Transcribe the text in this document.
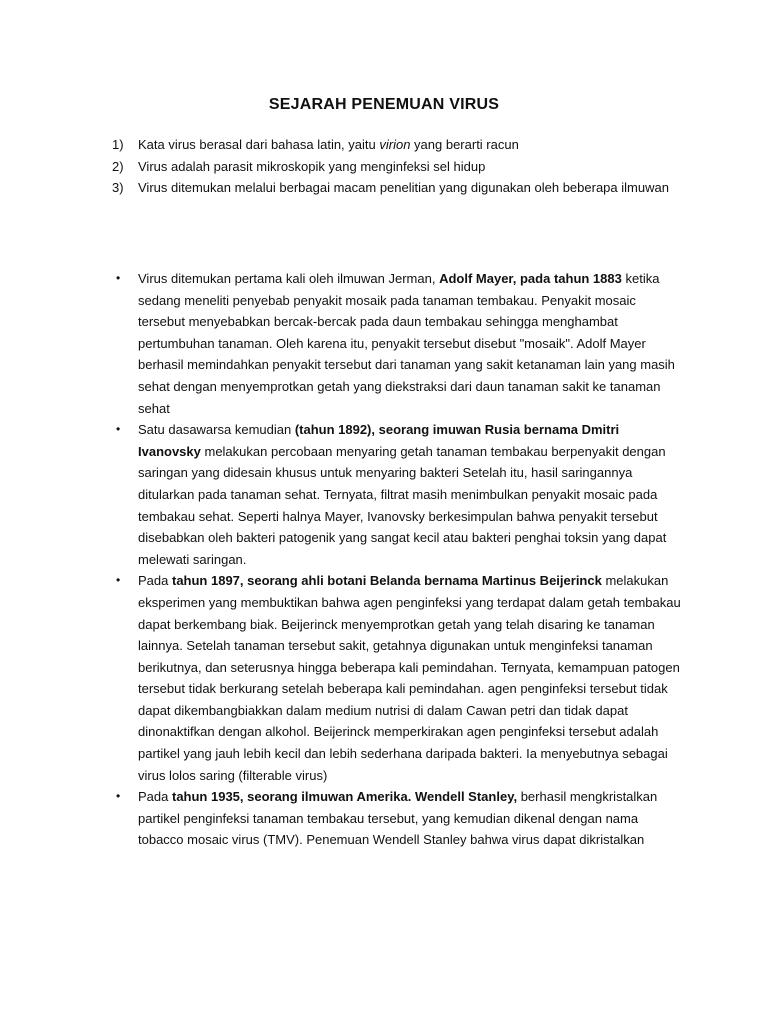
SEJARAH PENEMUAN VIRUS
1)	Kata virus berasal dari bahasa latin, yaitu virion yang berarti racun
2)	Virus adalah parasit mikroskopik yang menginfeksi sel hidup
3)	Virus ditemukan melalui berbagai macam penelitian yang digunakan oleh beberapa ilmuwan
•	Virus ditemukan pertama kali oleh ilmuwan Jerman, Adolf Mayer, pada tahun 1883 ketika sedang meneliti penyebab penyakit mosaik pada tanaman tembakau. Penyakit mosaic tersebut menyebabkan bercak-bercak pada daun tembakau sehingga menghambat pertumbuhan tanaman. Oleh karena itu, penyakit tersebut disebut "mosaik". Adolf Mayer berhasil memindahkan penyakit tersebut dari tanaman yang sakit ketanaman lain yang masih sehat dengan menyemprotkan getah yang diekstraksi dari daun tanaman sakit ke tanaman sehat
•	Satu dasawarsa kemudian (tahun 1892), seorang imuwan Rusia bernama Dmitri Ivanovsky melakukan percobaan menyaring getah tanaman tembakau berpenyakit dengan saringan yang didesain khusus untuk menyaring bakteri Setelah itu, hasil saringannya ditularkan pada tanaman sehat. Ternyata, filtrat masih menimbulkan penyakit mosaic pada tembakau sehat. Seperti halnya Mayer, Ivanovsky berkesimpulan bahwa penyakit tersebut disebabkan oleh bakteri patogenik yang sangat kecil atau bakteri penghai toksin yang dapat melewati saringan.
•	Pada tahun 1897, seorang ahli botani Belanda bernama Martinus Beijerinck melakukan eksperimen yang membuktikan bahwa agen penginfeksi yang terdapat dalam getah tembakau dapat berkembang biak. Beijerinck menyemprotkan getah yang telah disaring ke tanaman lainnya. Setelah tanaman tersebut sakit, getahnya digunakan untuk menginfeksi tanaman berikutnya, dan seterusnya hingga beberapa kali pemindahan. Ternyata, kemampuan patogen tersebut tidak berkurang setelah beberapa kali pemindahan. agen penginfeksi tersebut tidak dapat dikembangbiakkan dalam medium nutrisi di dalam Cawan petri dan tidak dapat dinonaktifkan dengan alkohol. Beijerinck memperkirakan agen penginfeksi tersebut adalah partikel yang jauh lebih kecil dan lebih sederhana daripada bakteri. Ia menyebutnya sebagai virus lolos saring (filterable virus)
•	Pada tahun 1935, seorang ilmuwan Amerika. Wendell Stanley, berhasil mengkristalkan partikel penginfeksi tanaman tembakau tersebut, yang kemudian dikenal dengan nama tobacco mosaic virus (TMV). Penemuan Wendell Stanley bahwa virus dapat dikristalkan
